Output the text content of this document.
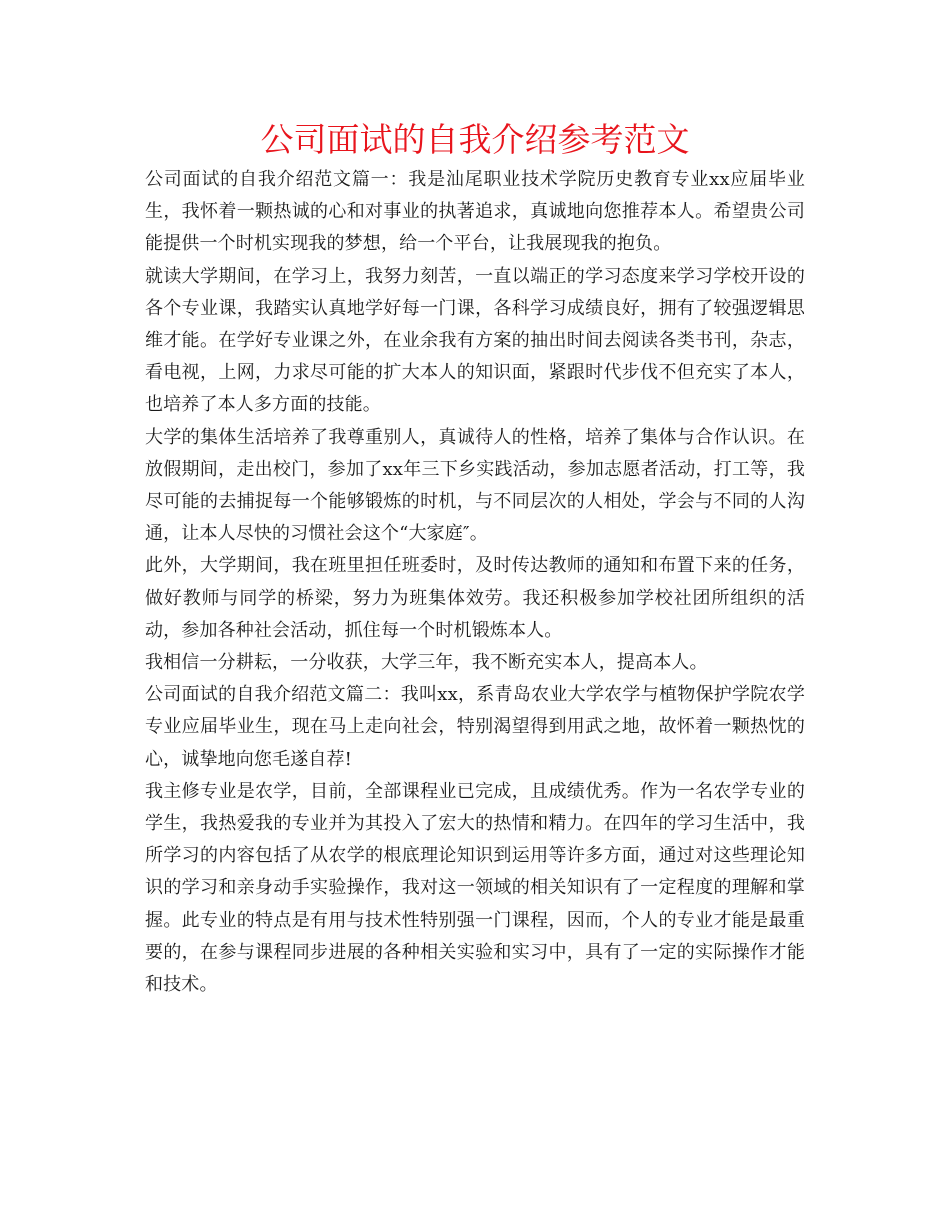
公司面试的自我介绍参考范文

公司面试的自我介绍范文篇一：我是汕尾职业技术学院历史教育专业xx应届毕业生，我怀着一颗热诚的心和对事业的执著追求，真诚地向您推荐本人。希望贵公司能提供一个时机实现我的梦想，给一个平台，让我展现我的抱负。

就读大学期间，在学习上，我努力刻苦，一直以端正的学习态度来学习学校开设的各个专业课，我踏实认真地学好每一门课，各科学习成绩良好，拥有了较强逻辑思维才能。在学好专业课之外，在业余我有方案的抽出时间去阅读各类书刊，杂志，看电视，上网，力求尽可能的扩大本人的知识面，紧跟时代步伐不但充实了本人，也培养了本人多方面的技能。

大学的集体生活培养了我尊重别人，真诚待人的性格，培养了集体与合作认识。在放假期间，走出校门，参加了xx年三下乡实践活动，参加志愿者活动，打工等，我尽可能的去捕捉每一个能够锻炼的时机，与不同层次的人相处，学会与不同的人沟通，让本人尽快的习惯社会这个“大家庭″。

此外，大学期间，我在班里担任班委时，及时传达教师的通知和布置下来的任务，做好教师与同学的桥梁，努力为班集体效劳。我还积极参加学校社团所组织的活动，参加各种社会活动，抓住每一个时机锻炼本人。

我相信一分耕耘，一分收获，大学三年，我不断充实本人，提高本人。

公司面试的自我介绍范文篇二：我叫xx，系青岛农业大学农学与植物保护学院农学专业应届毕业生，现在马上走向社会，特别渴望得到用武之地，故怀着一颗热忱的心，诚挚地向您毛遂自荐!

我主修专业是农学，目前，全部课程业已完成，且成绩优秀。作为一名农学专业的学生，我热爱我的专业并为其投入了宏大的热情和精力。在四年的学习生活中，我所学习的内容包括了从农学的根底理论知识到运用等许多方面，通过对这些理论知识的学习和亲身动手实验操作，我对这一领域的相关知识有了一定程度的理解和掌握。此专业的特点是有用与技术性特别强一门课程，因而，个人的专业才能是最重要的，在参与课程同步进展的各种相关实验和实习中，具有了一定的实际操作才能和技术。
